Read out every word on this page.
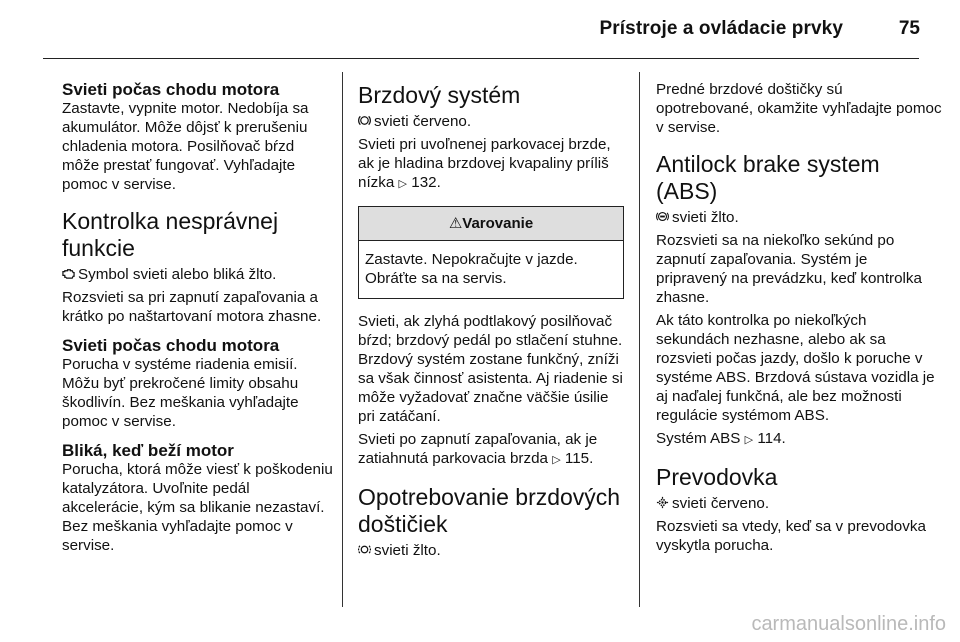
Prístroje a ovládacie prvky	75
Svieti počas chodu motora

Zastavte, vypnite motor. Nedobíja sa akumulátor. Môže dôjsť k prerušeniu chladenia motora. Posilňovač bŕzd môže prestať fungovať. Vyhľadajte pomoc v servise.

Kontrolka nesprávnej funkcie

Symbol svieti alebo bliká žlto.

Rozsvieti sa pri zapnutí zapaľovania a krátko po naštartovaní motora zhasne.

Svieti počas chodu motora

Porucha v systéme riadenia emisií. Môžu byť prekročené limity obsahu škodlivín. Bez meškania vyhľadajte pomoc v servise.

Bliká, keď beží motor

Porucha, ktorá môže viesť k poškodeniu katalyzátora. Uvoľnite pedál akcelerácie, kým sa blikanie nezastaví. Bez meškania vyhľadajte pomoc v servise.

Brzdový systém

svieti červeno.

Svieti pri uvoľnenej parkovacej brzde, ak je hladina brzdovej kvapaliny príliš nízka ▷ 132.

⚠Varovanie
Zastavte. Nepokračujte v jazde. Obráťte sa na servis.

Svieti, ak zlyhá podtlakový posilňovač bŕzd; brzdový pedál po stlačení stuhne. Brzdový systém zostane funkčný, zníži sa však činnosť asistenta. Aj riadenie si môže vyžadovať značne väčšie úsilie pri zatáčaní.

Svieti po zapnutí zapaľovania, ak je zatiahnutá parkovacia brzda ▷ 115.

Opotrebovanie brzdových doštičiek

svieti žlto.

Predné brzdové doštičky sú opotrebované, okamžite vyhľadajte pomoc v servise.

Antilock brake system (ABS)

svieti žlto.

Rozsvieti sa na niekoľko sekúnd po zapnutí zapaľovania. Systém je pripravený na prevádzku, keď kontrolka zhasne.

Ak táto kontrolka po niekoľkých sekundách nezhasne, alebo ak sa rozsvieti počas jazdy, došlo k poruche v systéme ABS. Brzdová sústava vozidla je aj naďalej funkčná, ale bez možnosti regulácie systémom ABS.

Systém ABS ▷ 114.

Prevodovka

svieti červeno.

Rozsvieti sa vtedy, keď sa v prevodovka vyskytla porucha.

carmanualsonline.info
